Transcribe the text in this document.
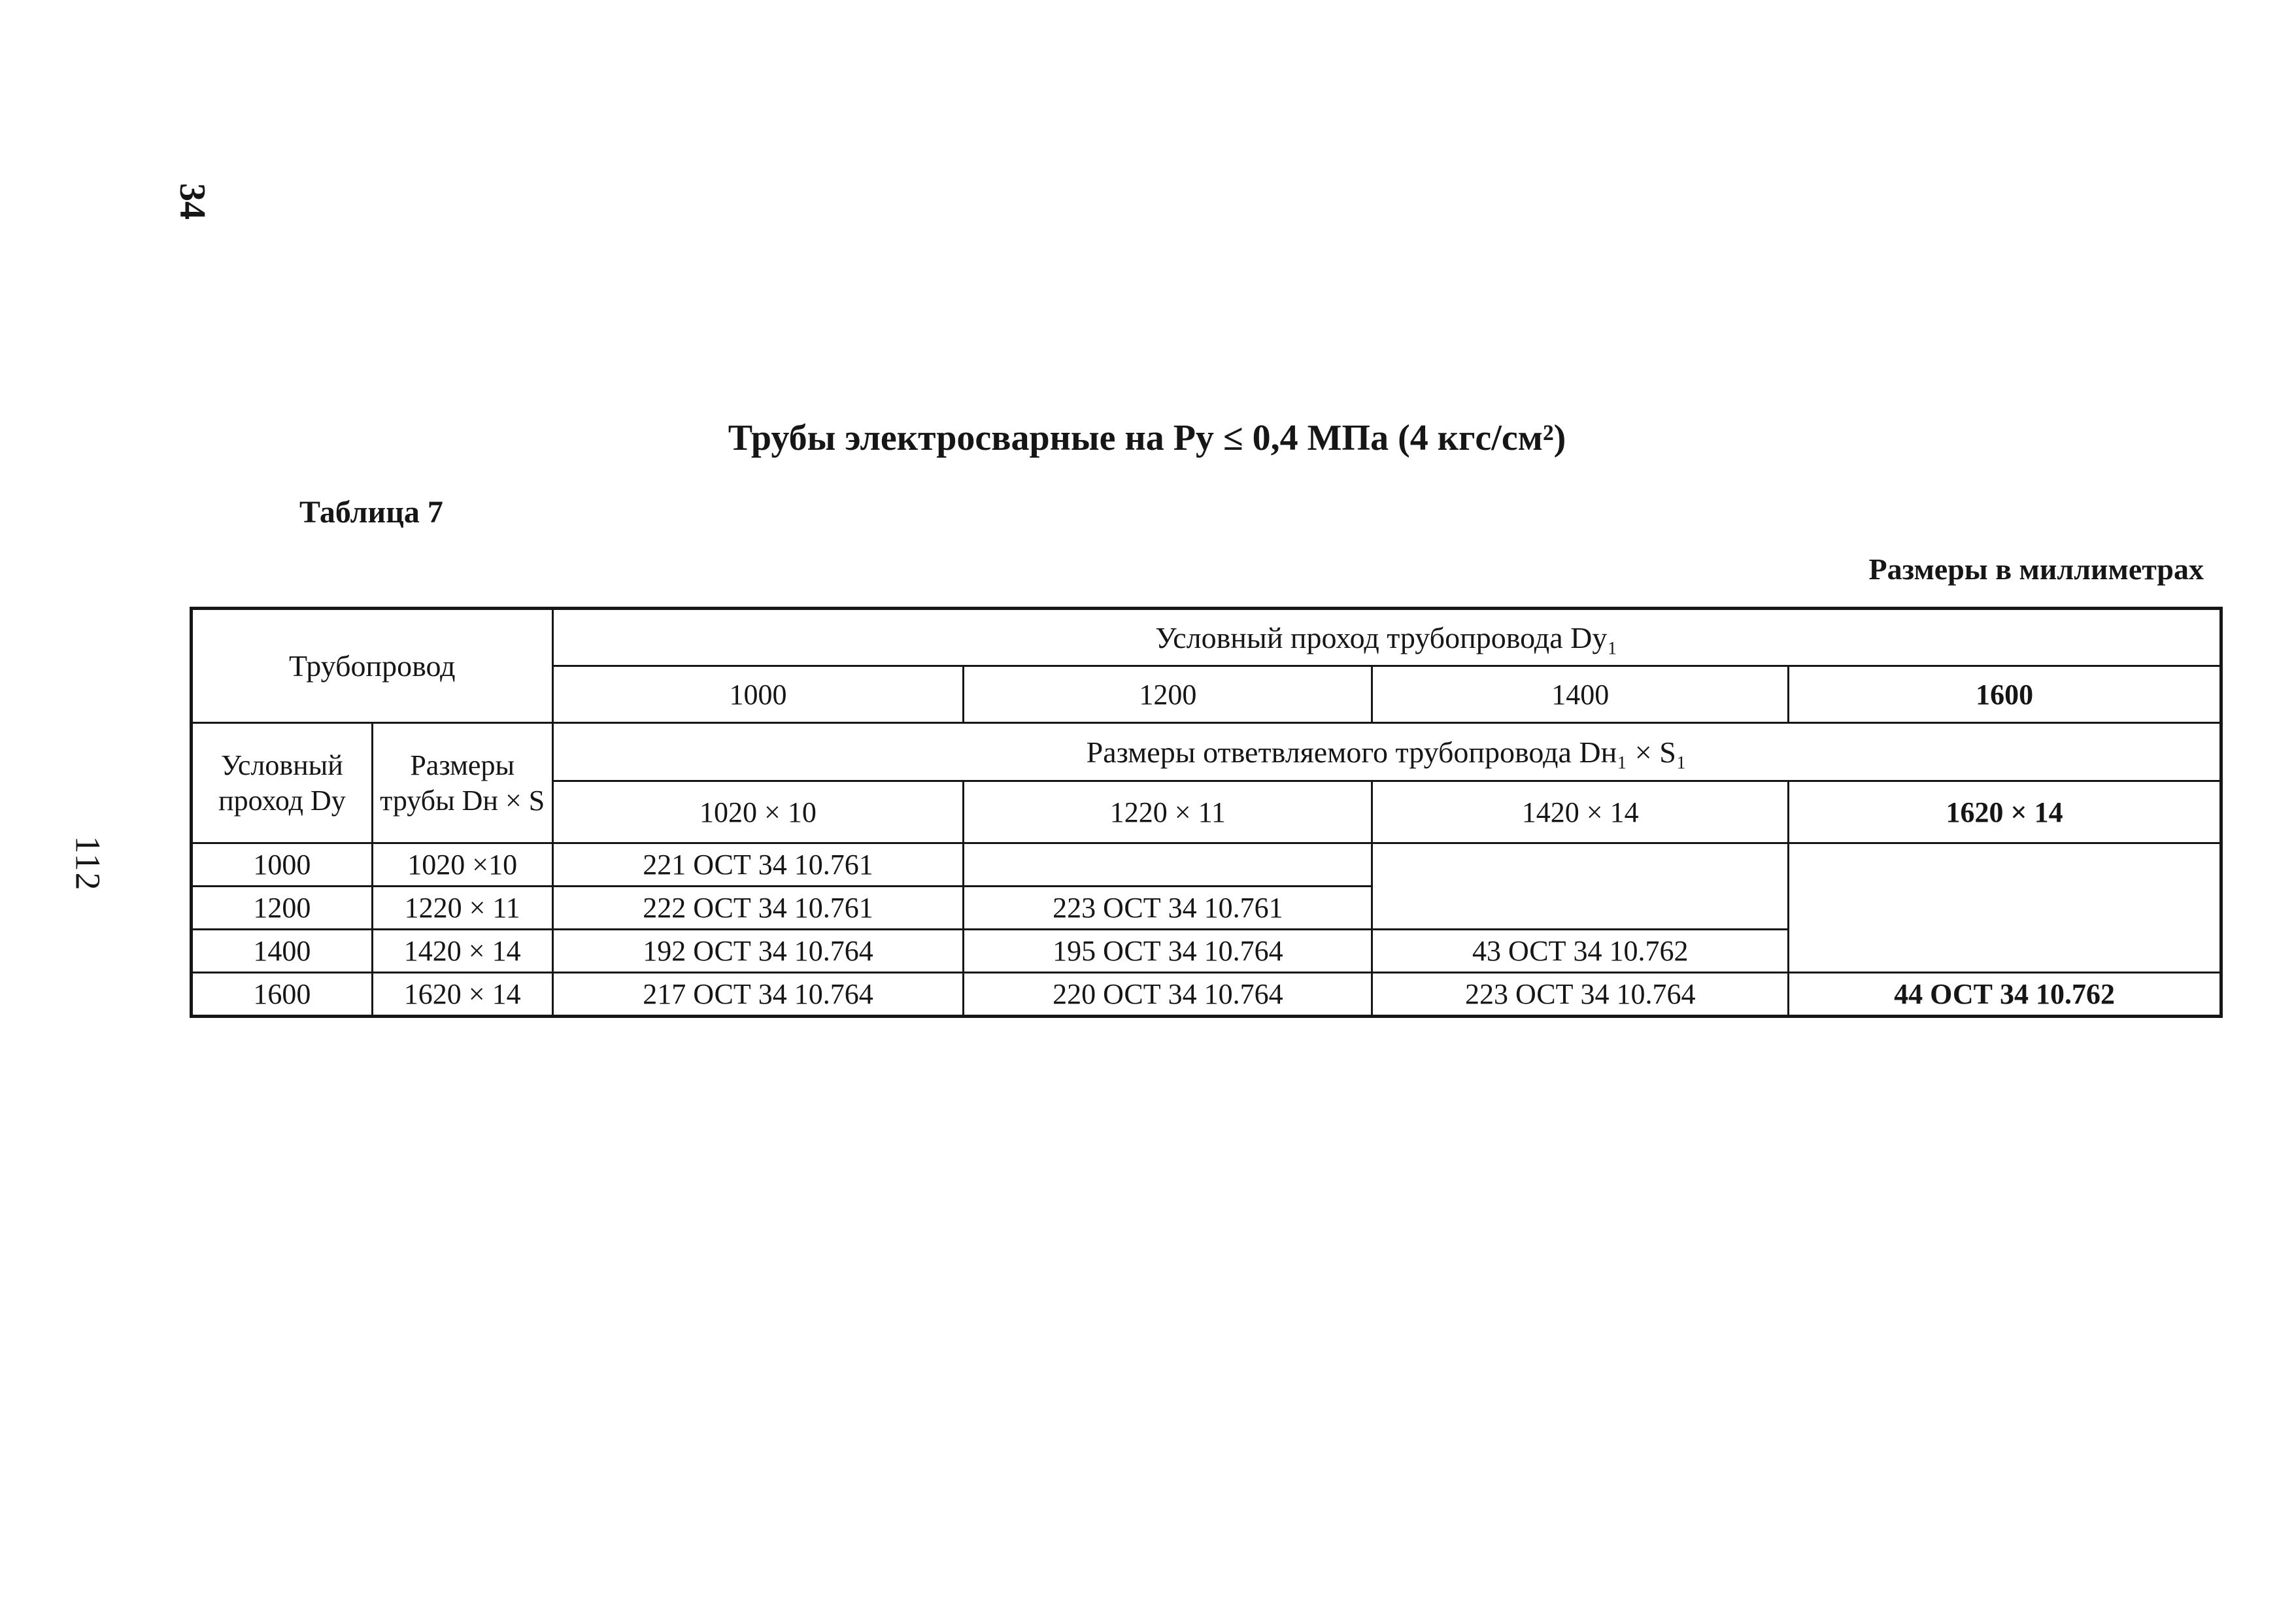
34
112
Трубы электросварные на Ру ≤ 0,4 МПа (4 кгс/см²)
Таблица 7
Размеры в миллиметрах
Трубопровод		Условный проход трубопровода Dy₁			
		1000	1200	1400	1600
Условный проход Dy	Размеры трубы Dн × S	Размеры ответвляемого трубопровода Dн₁ × S₁			
		1020 × 10	1220 × 11	1420 × 14	1620 × 14
1000	1020 ×10	221 ОСТ 34 10.761			
1200	1220 × 11	222 ОСТ 34 10.761	223 ОСТ 34 10.761		
1400	1420 × 14	192 ОСТ 34 10.764	195 ОСТ 34 10.764	43 ОСТ 34 10.762	
1600	1620 × 14	217 ОСТ 34 10.764	220 ОСТ 34 10.764	223 ОСТ 34 10.764	44 ОСТ 34 10.762
